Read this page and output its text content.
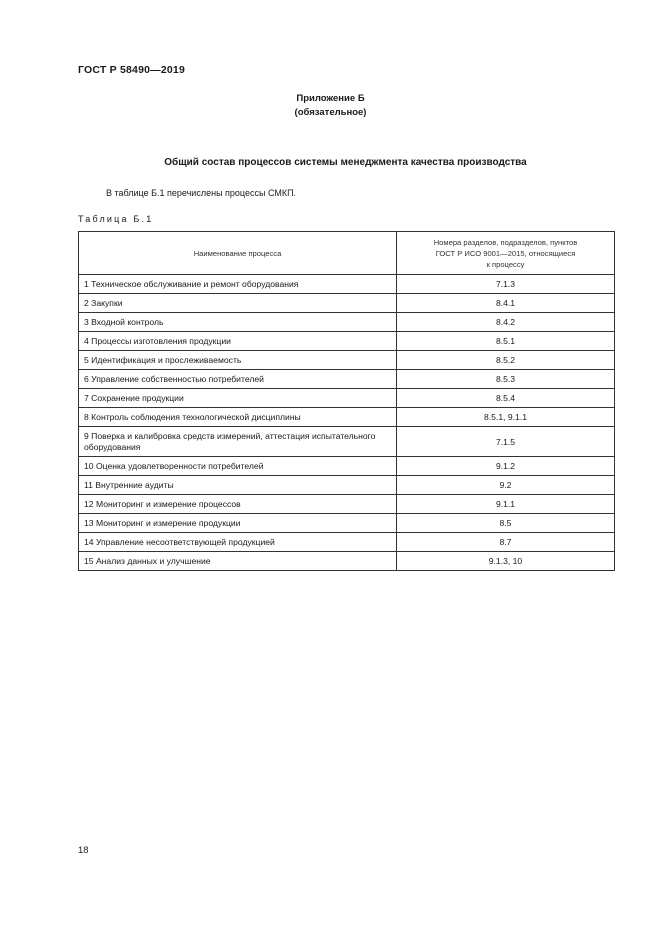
ГОСТ Р 58490—2019
Приложение Б
(обязательное)
Общий состав процессов системы менеджмента качества производства
В таблице Б.1 перечислены процессы СМКП.
Таблица Б.1
Наименование процесса	Номера разделов, подразделов, пунктов
ГОСТ Р ИСО 9001—2015, относящиеся
к процессу

1 Техническое обслуживание и ремонт оборудования	7.1.3
2 Закупки	8.4.1
3 Входной контроль	8.4.2
4 Процессы изготовления продукции	8.5.1
5 Идентификация и прослеживаемость	8.5.2
6 Управление собственностью потребителей	8.5.3
7 Сохранение продукции	8.5.4
8 Контроль соблюдения технологической дисциплины	8.5.1, 9.1.1
9 Поверка и калибровка средств измерений, аттестация испытательного оборудования	7.1.5
10 Оценка удовлетворенности потребителей	9.1.2
11 Внутренние аудиты	9.2
12 Мониторинг и измерение процессов	9.1.1
13 Мониторинг и измерение продукции	8.5
14 Управление несоответствующей продукцией	8.7
15 Анализ данных и улучшение	9.1.3, 10
18
